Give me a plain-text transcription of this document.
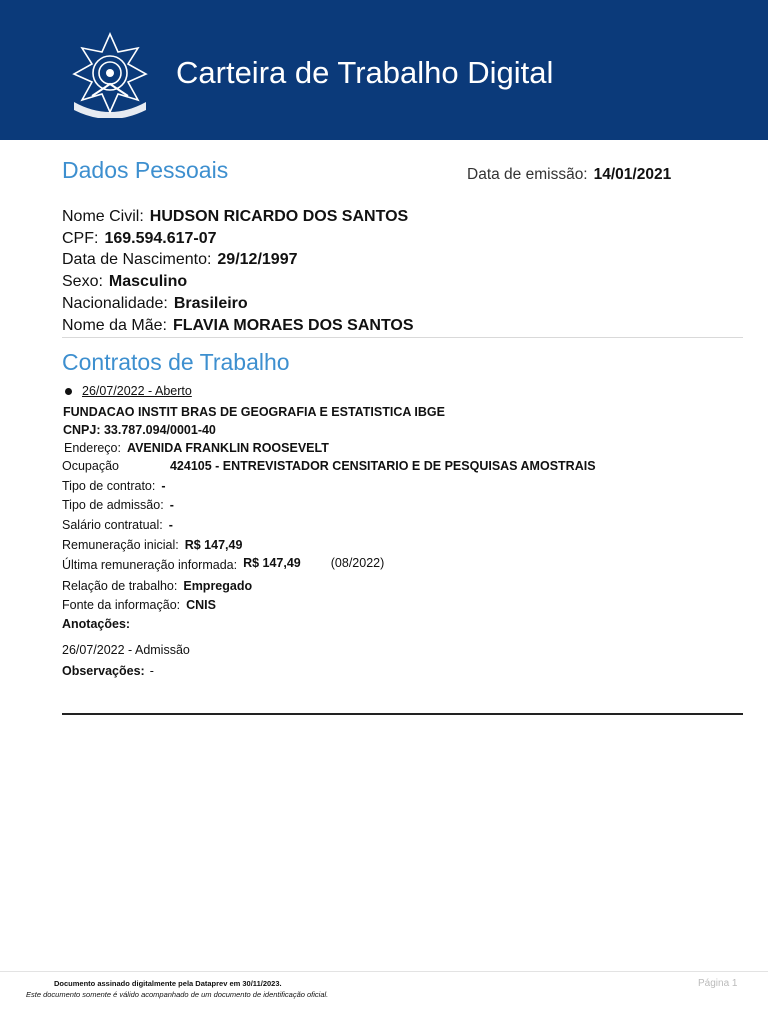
Carteira de Trabalho Digital
Dados Pessoais	Data de emissão: 14/01/2021
Nome Civil: HUDSON RICARDO DOS SANTOS
CPF: 169.594.617-07
Data de Nascimento: 29/12/1997
Sexo: Masculino
Nacionalidade: Brasileiro
Nome da Mãe: FLAVIA MORAES DOS SANTOS
Contratos de Trabalho
26/07/2022 - Aberto
FUNDACAO INSTIT BRAS DE GEOGRAFIA E ESTATISTICA IBGE
CNPJ: 33.787.094/0001-40
Endereço: AVENIDA FRANKLIN ROOSEVELT
Ocupação	424105 - ENTREVISTADOR CENSITARIO E DE PESQUISAS AMOSTRAIS
Tipo de contrato: -
Tipo de admissão: -
Salário contratual: -
Remuneração inicial: R$ 147,49
Última remuneração informada: R$ 147,49 (08/2022)
Relação de trabalho: Empregado
Fonte da informação: CNIS
Anotações:
26/07/2022 - Admissão
Observações: -
Documento assinado digitalmente pela Dataprev em 30/11/2023.
Este documento somente é válido acompanhado de um documento de identificação oficial.
Página 1
